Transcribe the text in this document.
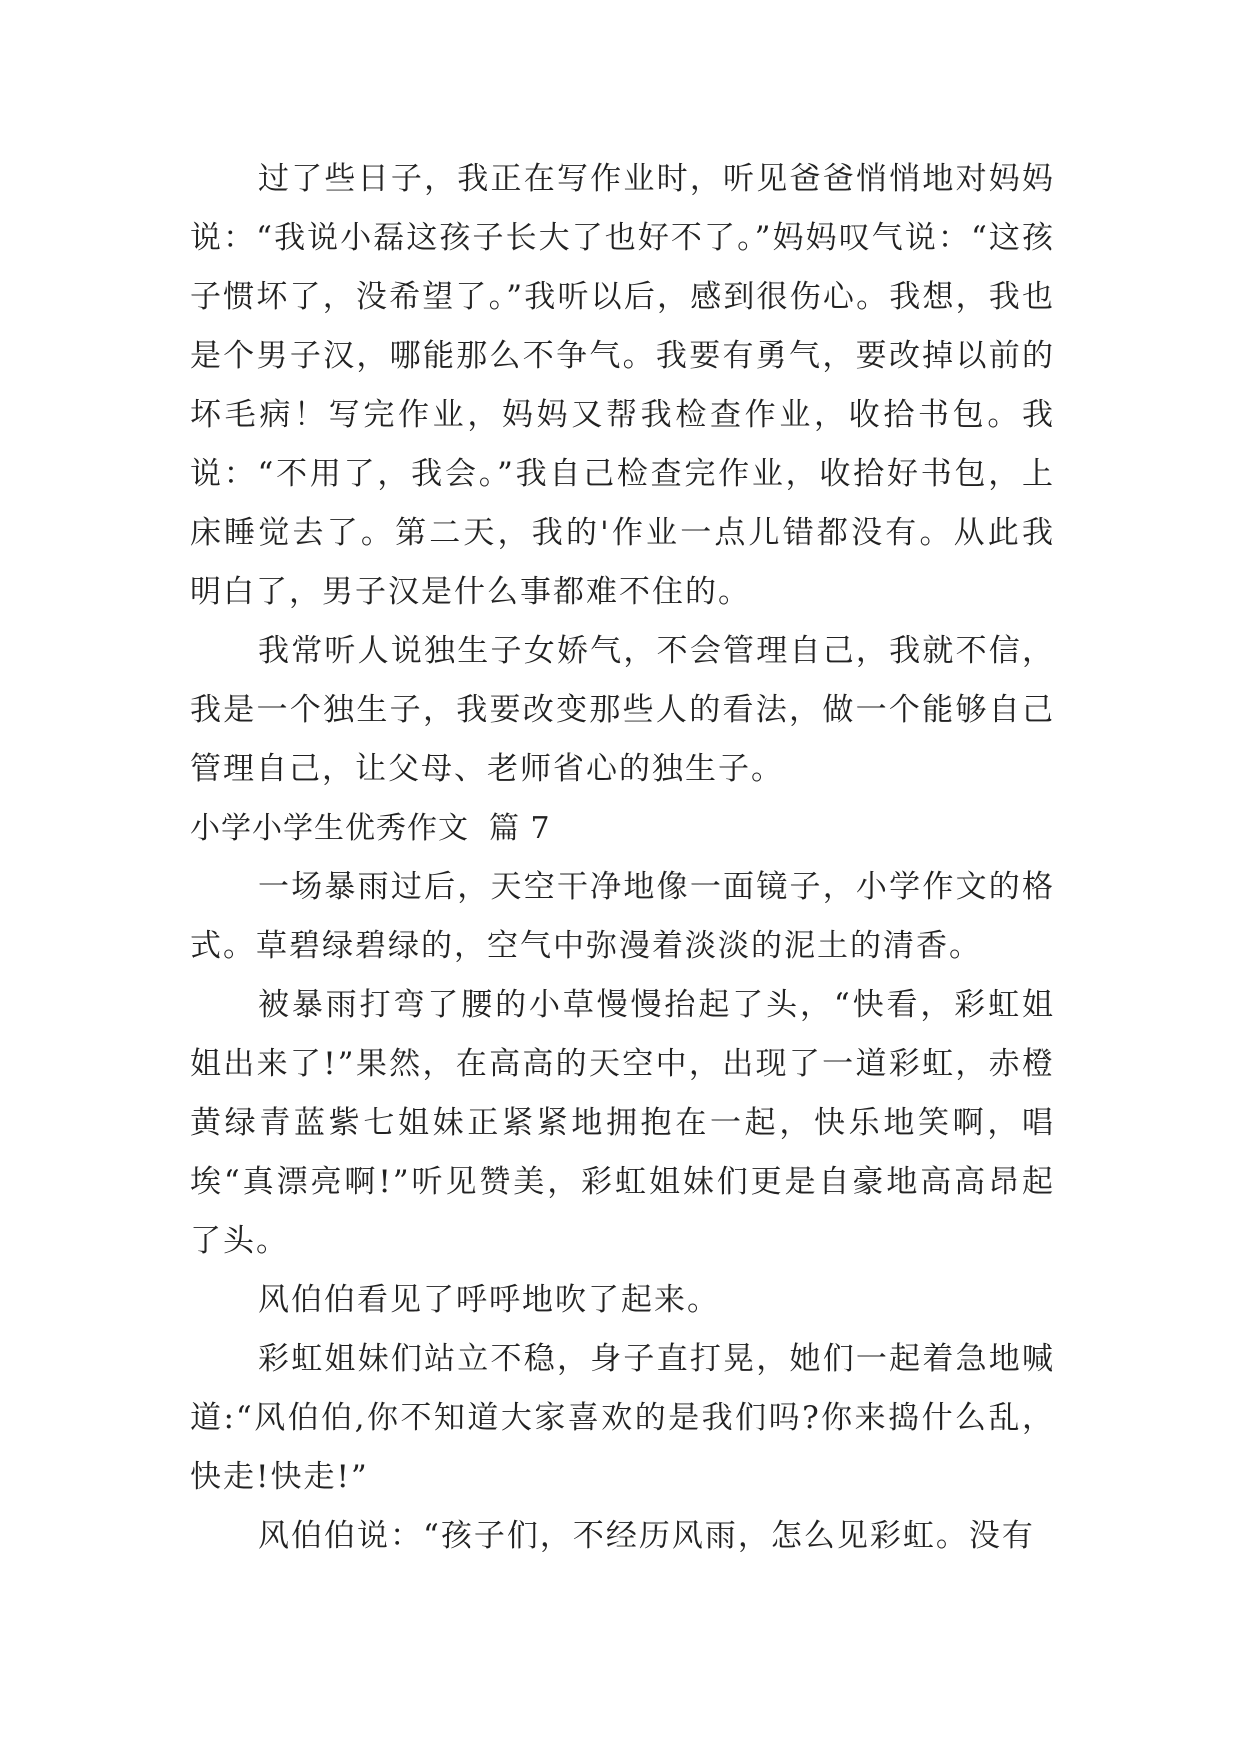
过了些日子，我正在写作业时，听见爸爸悄悄地对妈妈说：“我说小磊这孩子长大了也好不了。”妈妈叹气说：“这孩子惯坏了，没希望了。”我听以后，感到很伤心。我想，我也是个男子汉，哪能那么不争气。我要有勇气，要改掉以前的坏毛病！写完作业，妈妈又帮我检查作业，收拾书包。我说：“不用了，我会。”我自己检查完作业，收拾好书包，上床睡觉去了。第二天，我的'作业一点儿错都没有。从此我明白了，男子汉是什么事都难不住的。

我常听人说独生子女娇气，不会管理自己，我就不信，我是一个独生子，我要改变那些人的看法，做一个能够自己管理自己，让父母、老师省心的独生子。

小学小学生优秀作文 篇 7

一场暴雨过后，天空干净地像一面镜子，小学作文的格式。草碧绿碧绿的，空气中弥漫着淡淡的泥土的清香。

被暴雨打弯了腰的小草慢慢抬起了头，“快看，彩虹姐姐出来了!”果然，在高高的天空中，出现了一道彩虹，赤橙黄绿青蓝紫七姐妹正紧紧地拥抱在一起，快乐地笑啊，唱埃“真漂亮啊!”听见赞美，彩虹姐妹们更是自豪地高高昂起了头。

风伯伯看见了呼呼地吹了起来。

彩虹姐妹们站立不稳，身子直打晃，她们一起着急地喊道:“风伯伯,你不知道大家喜欢的是我们吗?你来捣什么乱，快走!快走!”

风伯伯说：“孩子们，不经历风雨，怎么见彩虹。没有
